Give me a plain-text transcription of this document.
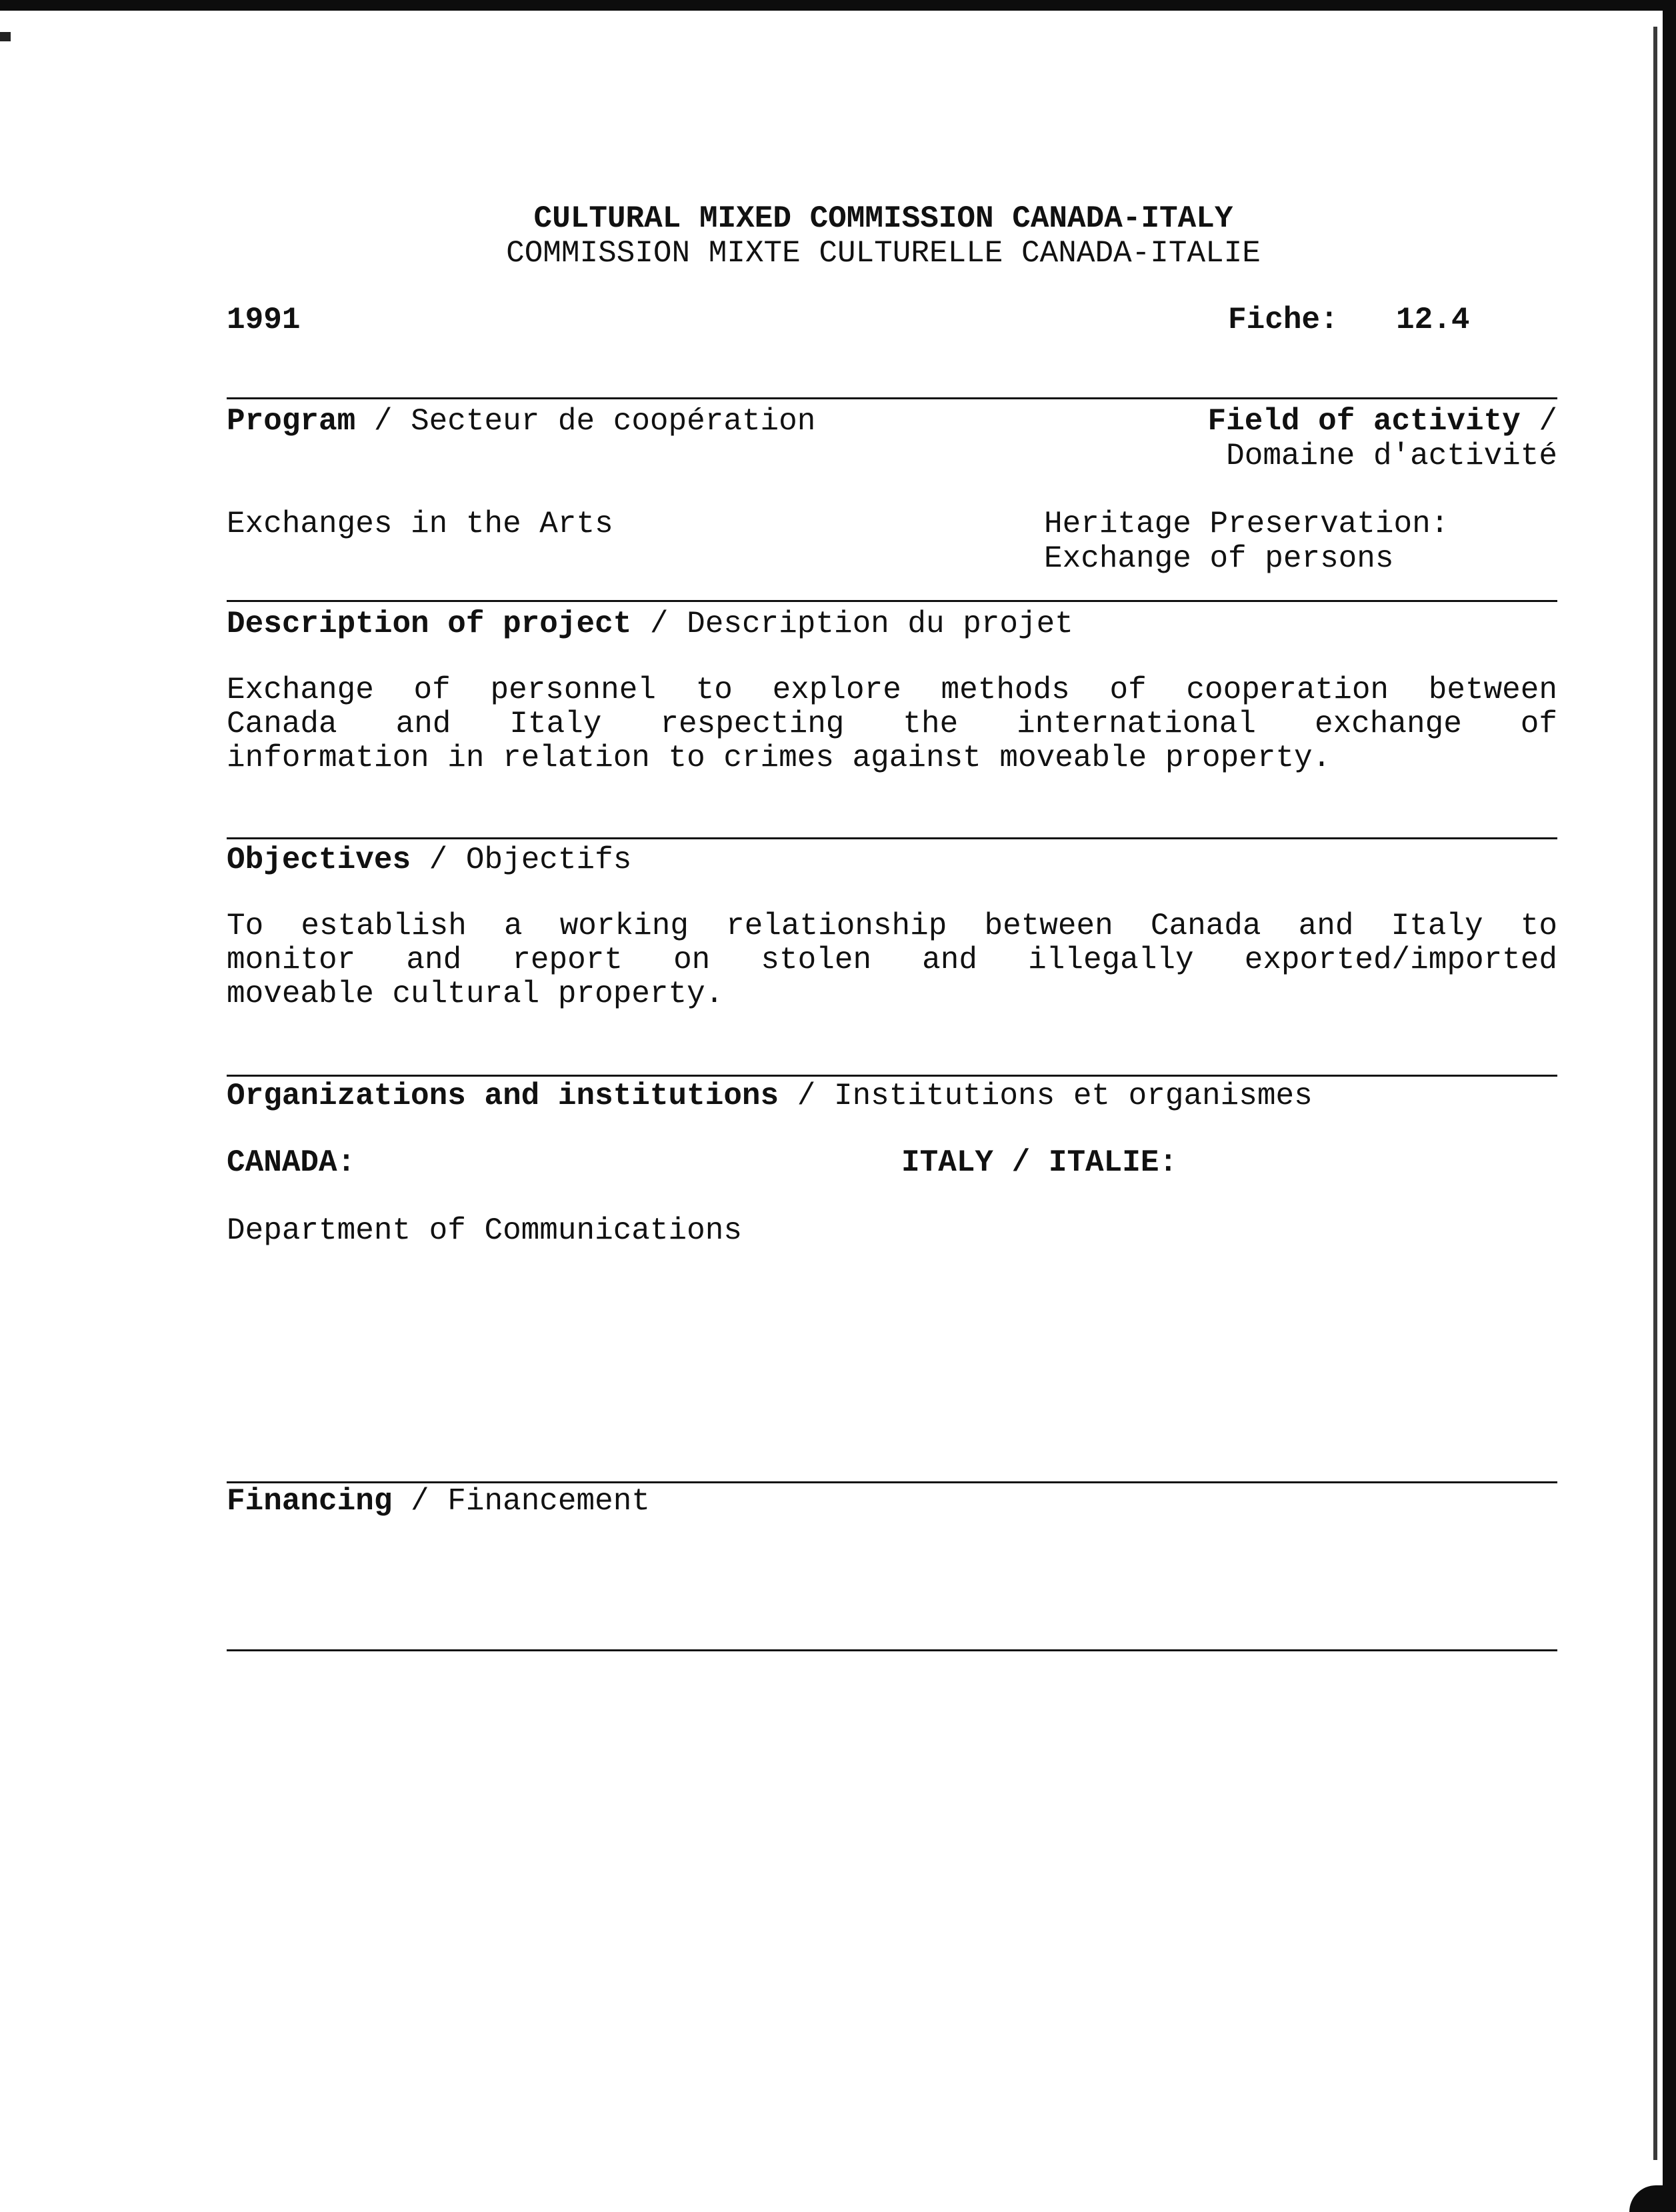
CULTURAL MIXED COMMISSION CANADA-ITALY

COMMISSION MIXTE CULTURELLE CANADA-ITALIE

1991	Fiche: 12.4

Program / Secteur de coopération	Field of activity /

Domaine d'activité

Exchanges in the Arts	Heritage Preservation:

Exchange of persons

Description of project / Description du projet

Exchange of personnel to explore methods of cooperation between

Canada and Italy respecting the international exchange of

information in relation to crimes against moveable property.

Objectives / Objectifs

To establish a working relationship between Canada and Italy to

monitor and report on stolen and illegally exported/imported

moveable cultural property.

Organizations and institutions / Institutions et organismes

CANADA:	ITALY / ITALIE:

Department of Communications

Financing / Financement
